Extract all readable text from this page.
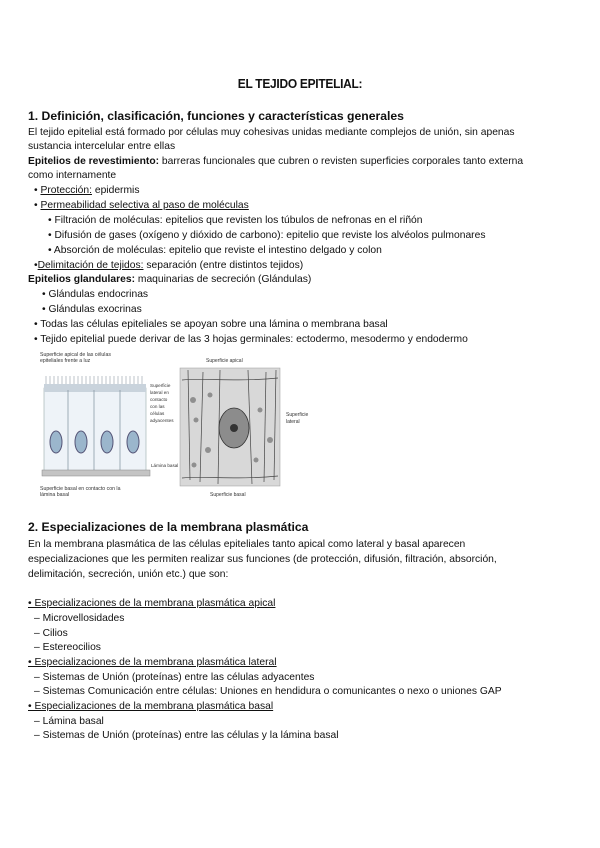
EL TEJIDO EPITELIAL:
1. Definición, clasificación, funciones y características generales
El tejido epitelial está formado por células muy cohesivas unidas mediante complejos de unión, sin apenas
sustancia intercelular entre ellas
Epitelios de revestimiento: barreras funcionales que cubren o revisten superficies corporales tanto externa
como internamente
• Protección: epidermis
• Permeabilidad selectiva al paso de moléculas
• Filtración de moléculas: epitelios que revisten los túbulos de nefronas en el riñón
• Difusión de gases (oxígeno y dióxido de carbono): epitelio que reviste los alvéolos pulmonares
• Absorción de moléculas: epitelio que reviste el intestino delgado y colon
•Delimitación de tejidos: separación (entre distintos tejidos)
Epitelios glandulares: maquinarias de secreción (Glándulas)
• Glándulas endocrinas
• Glándulas exocrinas
• Todas las células epiteliales se apoyan sobre una lámina o membrana basal
• Tejido epitelial puede derivar de las 3 hojas germinales: ectodermo, mesodermo y endodermo
Superficie apical de las células
epiteliales frente a luz
Superficie basal en contacto con la
lámina basal
Superficie
lateral en
contacto
con las
células
adyacentes
Lámina basal
Superficie apical
Superficie
lateral
Superficie basal
2. Especializaciones de la membrana plasmática
En la membrana plasmática de las células epiteliales tanto apical como lateral y basal aparecen
especializaciones que les permiten realizar sus funciones (de protección, difusión, filtración, absorción,
delimitación, secreción, unión etc.) que son:
• Especializaciones de la membrana plasmática apical
– Microvellosidades
– Cilios
– Estereocilios
• Especializaciones de la membrana plasmática lateral
– Sistemas de Unión (proteínas) entre las células adyacentes
– Sistemas Comunicación entre células: Uniones en hendidura o comunicantes o nexo o uniones GAP
• Especializaciones de la membrana plasmática basal
– Lámina basal
– Sistemas de Unión (proteínas) entre las células y la lámina basal
